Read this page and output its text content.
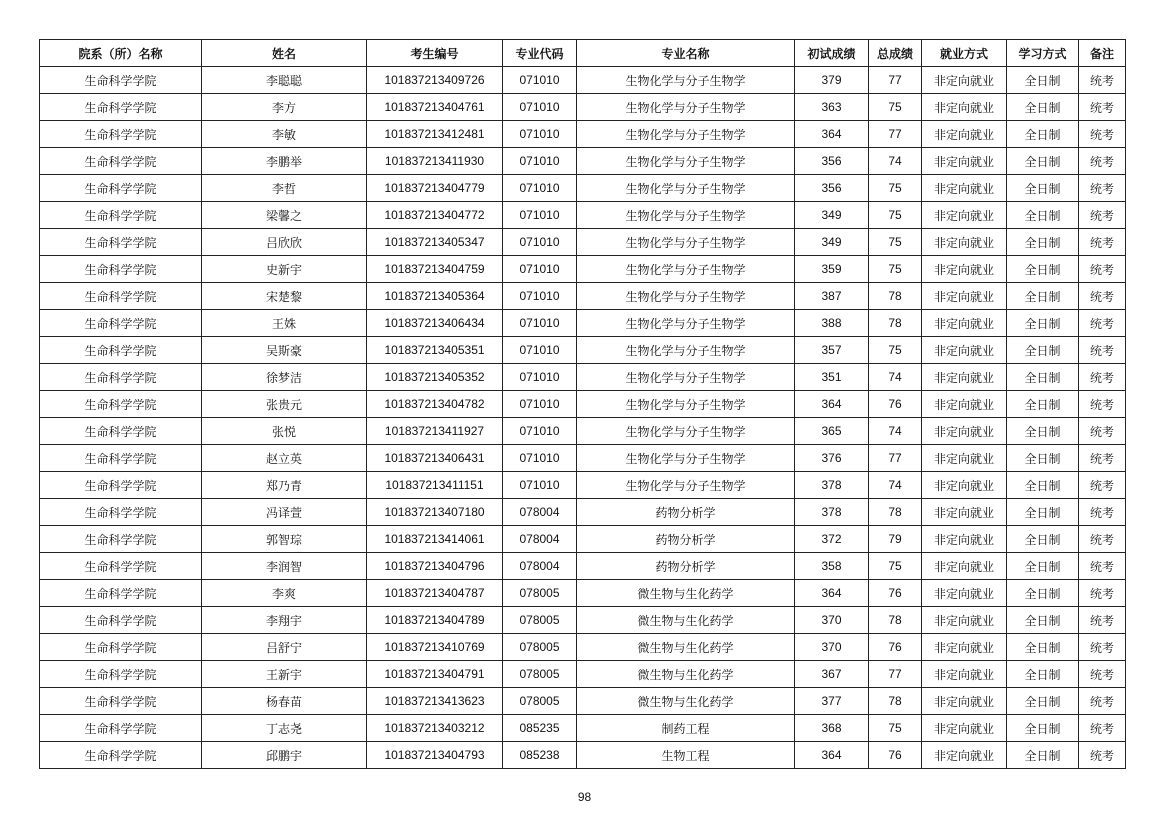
院系（所）名称	姓名	考生编号	专业代码	专业名称	初试成绩	总成绩	就业方式	学习方式	备注
生命科学学院	李聪聪	101837213409726	071010	生物化学与分子生物学	379	77	非定向就业	全日制	统考
生命科学学院	李方	101837213404761	071010	生物化学与分子生物学	363	75	非定向就业	全日制	统考
生命科学学院	李敏	101837213412481	071010	生物化学与分子生物学	364	77	非定向就业	全日制	统考
生命科学学院	李鹏举	101837213411930	071010	生物化学与分子生物学	356	74	非定向就业	全日制	统考
生命科学学院	李哲	101837213404779	071010	生物化学与分子生物学	356	75	非定向就业	全日制	统考
生命科学学院	梁馨之	101837213404772	071010	生物化学与分子生物学	349	75	非定向就业	全日制	统考
生命科学学院	吕欣欣	101837213405347	071010	生物化学与分子生物学	349	75	非定向就业	全日制	统考
生命科学学院	史新宇	101837213404759	071010	生物化学与分子生物学	359	75	非定向就业	全日制	统考
生命科学学院	宋楚黎	101837213405364	071010	生物化学与分子生物学	387	78	非定向就业	全日制	统考
生命科学学院	王姝	101837213406434	071010	生物化学与分子生物学	388	78	非定向就业	全日制	统考
生命科学学院	吴斯豪	101837213405351	071010	生物化学与分子生物学	357	75	非定向就业	全日制	统考
生命科学学院	徐梦洁	101837213405352	071010	生物化学与分子生物学	351	74	非定向就业	全日制	统考
生命科学学院	张贵元	101837213404782	071010	生物化学与分子生物学	364	76	非定向就业	全日制	统考
生命科学学院	张悦	101837213411927	071010	生物化学与分子生物学	365	74	非定向就业	全日制	统考
生命科学学院	赵立英	101837213406431	071010	生物化学与分子生物学	376	77	非定向就业	全日制	统考
生命科学学院	郑乃青	101837213411151	071010	生物化学与分子生物学	378	74	非定向就业	全日制	统考
生命科学学院	冯译萱	101837213407180	078004	药物分析学	378	78	非定向就业	全日制	统考
生命科学学院	郭智琮	101837213414061	078004	药物分析学	372	79	非定向就业	全日制	统考
生命科学学院	李润智	101837213404796	078004	药物分析学	358	75	非定向就业	全日制	统考
生命科学学院	李爽	101837213404787	078005	微生物与生化药学	364	76	非定向就业	全日制	统考
生命科学学院	李翔宇	101837213404789	078005	微生物与生化药学	370	78	非定向就业	全日制	统考
生命科学学院	吕舒宁	101837213410769	078005	微生物与生化药学	370	76	非定向就业	全日制	统考
生命科学学院	王新宇	101837213404791	078005	微生物与生化药学	367	77	非定向就业	全日制	统考
生命科学学院	杨春苗	101837213413623	078005	微生物与生化药学	377	78	非定向就业	全日制	统考
生命科学学院	丁志尧	101837213403212	085235	制药工程	368	75	非定向就业	全日制	统考
生命科学学院	邱鹏宇	101837213404793	085238	生物工程	364	76	非定向就业	全日制	统考
98
